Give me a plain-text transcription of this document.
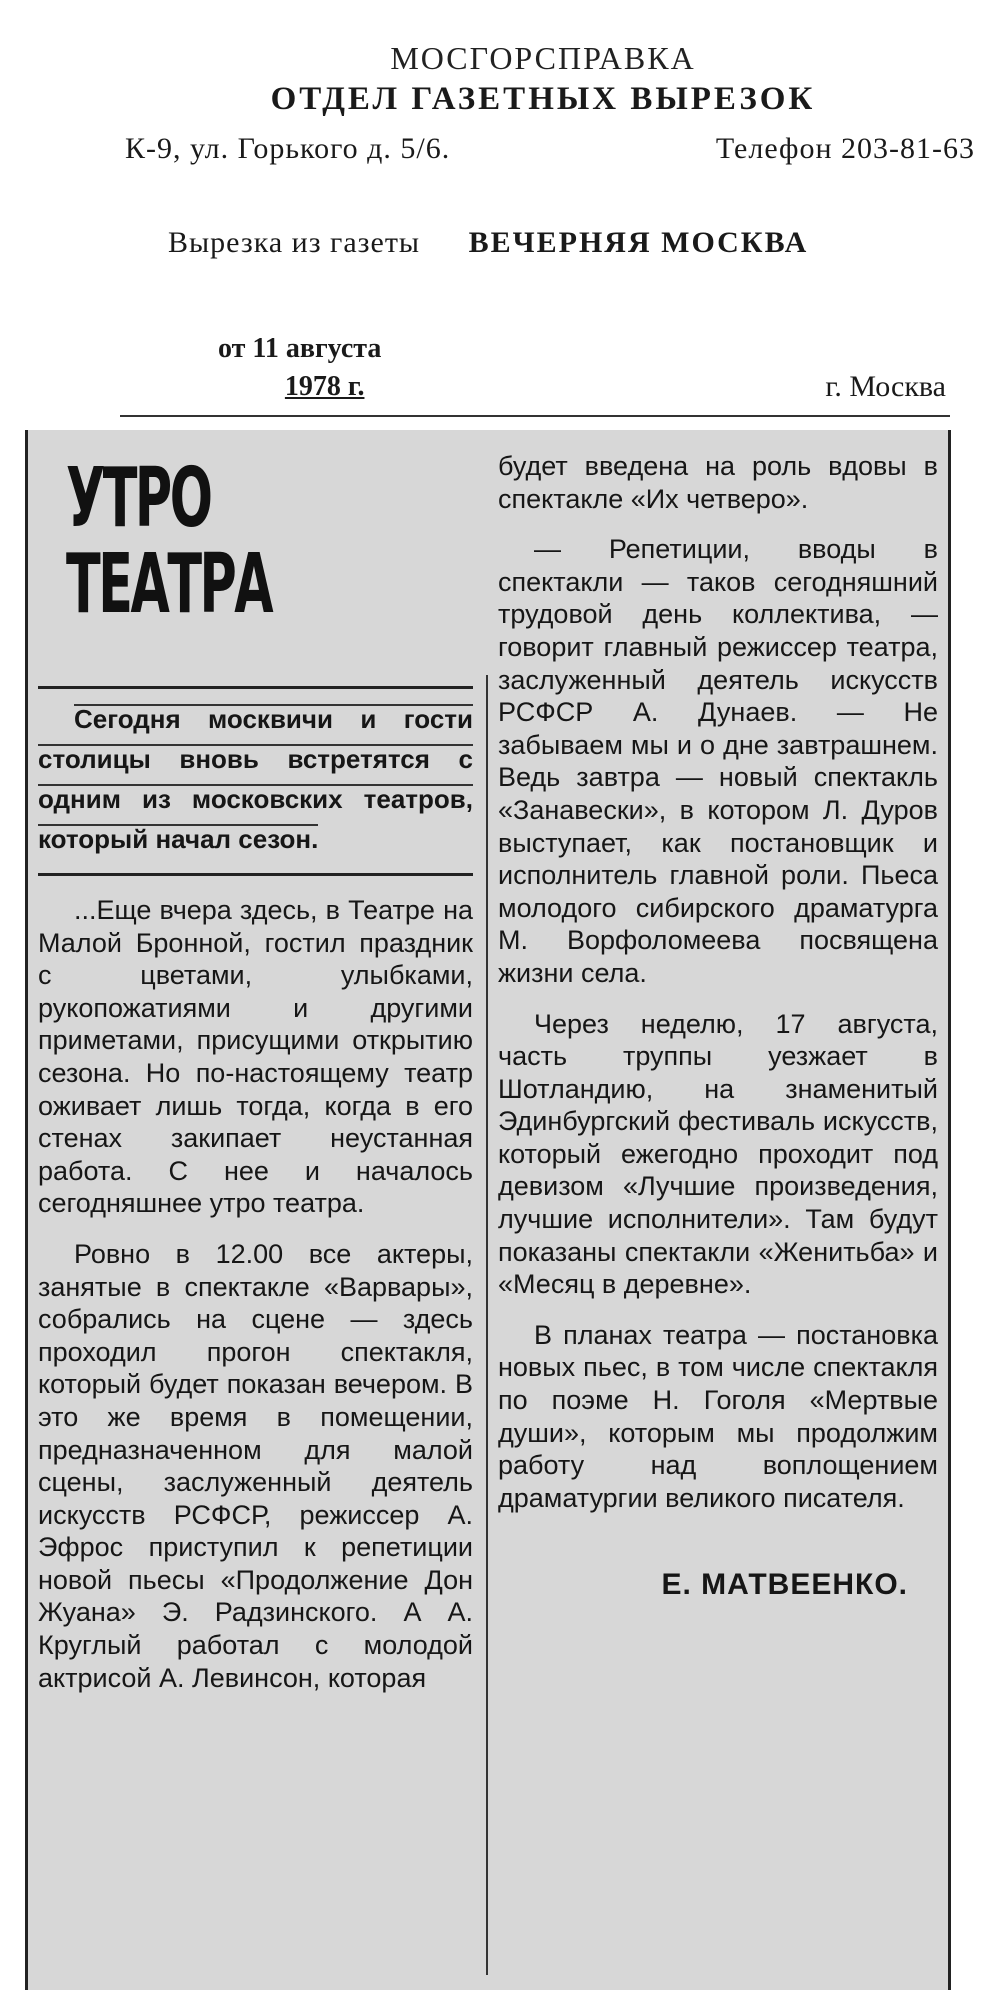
МОСГОРСПРАВКА
ОТДЕЛ ГАЗЕТНЫХ ВЫРЕЗОК
К-9, ул. Горького д. 5/6.	Телефон 203-81-63
Вырезка из газеты ВЕЧЕРНЯЯ МОСКВА
от 11 августа
1978 г.	г. Москва
УТРО
ТЕАТРА
Сегодня москвичи и гости столицы вновь встретятся с одним из московских театров, который начал сезон.

...Еще вчера здесь, в Театре на Малой Бронной, гостил праздник с цветами, улыбками, рукопожатиями и другими приметами, присущими открытию сезона. Но по-настоящему театр оживает лишь тогда, когда в его стенах закипает неустанная работа. С нее и началось сегодняшнее утро театра.

Ровно в 12.00 все актеры, занятые в спектакле «Варвары», собрались на сцене — здесь проходил прогон спектакля, который будет показан вечером. В это же время в помещении, предназначенном для малой сцены, заслуженный деятель искусств РСФСР, режиссер А. Эфрос приступил к репетиции новой пьесы «Продолжение Дон Жуана» Э. Радзинского. А А. Круглый работал с молодой актрисой А. Левинсон, которая

будет введена на роль вдовы в спектакле «Их четверо».

— Репетиции, вводы в спектакли — таков сегодняшний трудовой день коллектива, — говорит главный режиссер театра, заслуженный деятель искусств РСФСР А. Дунаев. — Не забываем мы и о дне завтрашнем. Ведь завтра — новый спектакль «Занавески», в котором Л. Дуров выступает, как постановщик и исполнитель главной роли. Пьеса молодого сибирского драматурга М. Ворфоломеева посвящена жизни села.

Через неделю, 17 августа, часть труппы уезжает в Шотландию, на знаменитый Эдинбургский фестиваль искусств, который ежегодно проходит под девизом «Лучшие произведения, лучшие исполнители». Там будут показаны спектакли «Женитьба» и «Месяц в деревне».

В планах театра — постановка новых пьес, в том числе спектакля по поэме Н. Гоголя «Мертвые души», которым мы продолжим работу над воплощением драматургии великого писателя.

Е. МАТВЕЕНКО.
